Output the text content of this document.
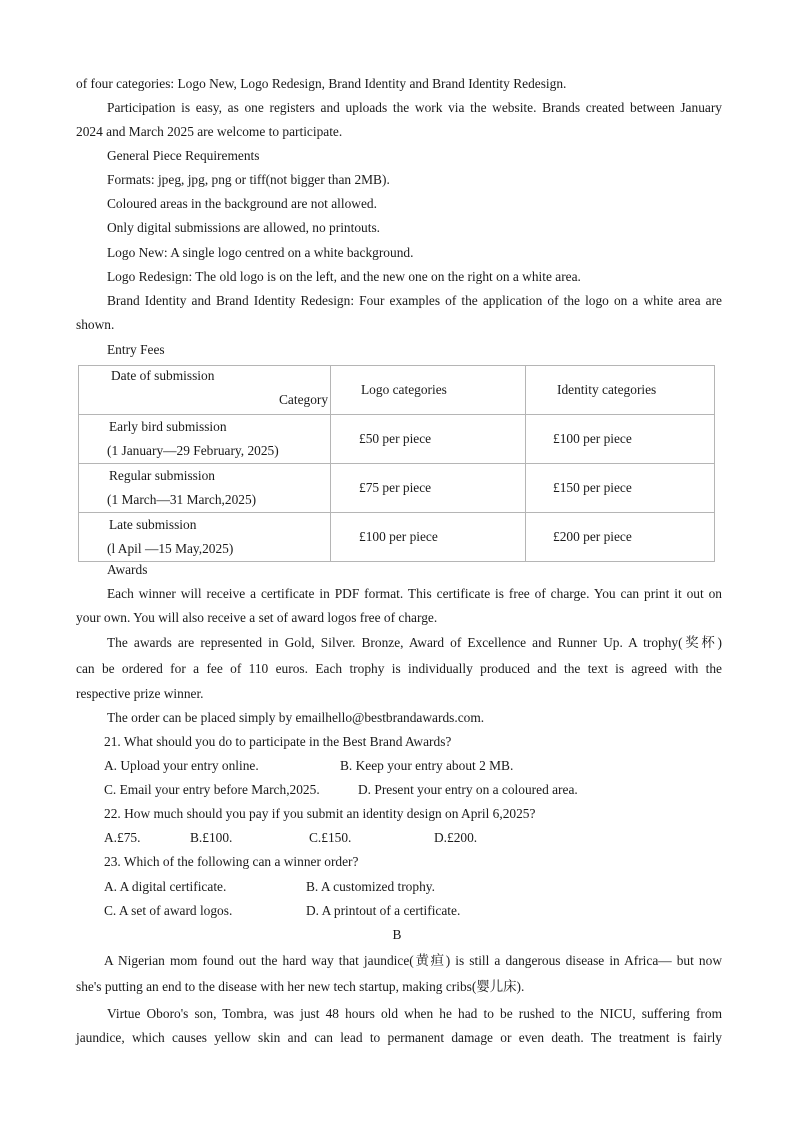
of four categories: Logo New, Logo Redesign, Brand Identity and Brand Identity Redesign.
Participation is easy, as one registers and uploads the work via the website. Brands created between January
2024 and March 2025 are welcome to participate.
General Piece Requirements
Formats: jpeg, jpg, png or tiff(not bigger than 2MB).
Coloured areas in the background are not allowed.
Only digital submissions are allowed, no printouts.
Logo New: A single logo centred on a white background.
Logo Redesign: The old logo is on the left, and the new one on the right on a white area.
Brand Identity and Brand Identity Redesign: Four examples of the application of the logo on a white area are
shown.
Entry Fees
Date of submission
Category	Logo categories	Identity categories

Early bird submission
(1 January—29 February, 2025)	£50 per piece	£100 per piece

Regular submission
(1 March—31 March,2025)	£75 per piece	£150 per piece

Late submission
(l Apil —15 May,2025)	£100 per piece	£200 per piece
Awards
Each winner will receive a certificate in PDF format. This certificate is free of charge. You can print it out on
your own. You will also receive a set of award logos free of charge.
The awards are represented in Gold, Silver. Bronze, Award of Excellence and Runner Up. A trophy(奖杯)
can be ordered for a fee of 110 euros. Each trophy is individually produced and the text is agreed with the
respective prize winner.
The order can be placed simply by emailhello@bestbrandawards.com.
21. What should you do to participate in the Best Brand Awards?
A. Upload your entry online.	B. Keep your entry about 2 MB.
C. Email your entry before March,2025.	D. Present your entry on a coloured area.
22. How much should you pay if you submit an identity design on April 6,2025?
A.£75.	B.£100.	C.£150.	D.£200.
23. Which of the following can a winner order?
A. A digital certificate.	B. A customized trophy.
C. A set of award logos.	D. A printout of a certificate.
B
A Nigerian mom found out the hard way that jaundice(黄疸) is still a dangerous disease in Africa— but now
she's putting an end to the disease with her new tech startup, making cribs(婴儿床).
Virtue Oboro's son, Tombra, was just 48 hours old when he had to be rushed to the NICU, suffering from
jaundice, which causes yellow skin and can lead to permanent damage or even death. The treatment is fairly
